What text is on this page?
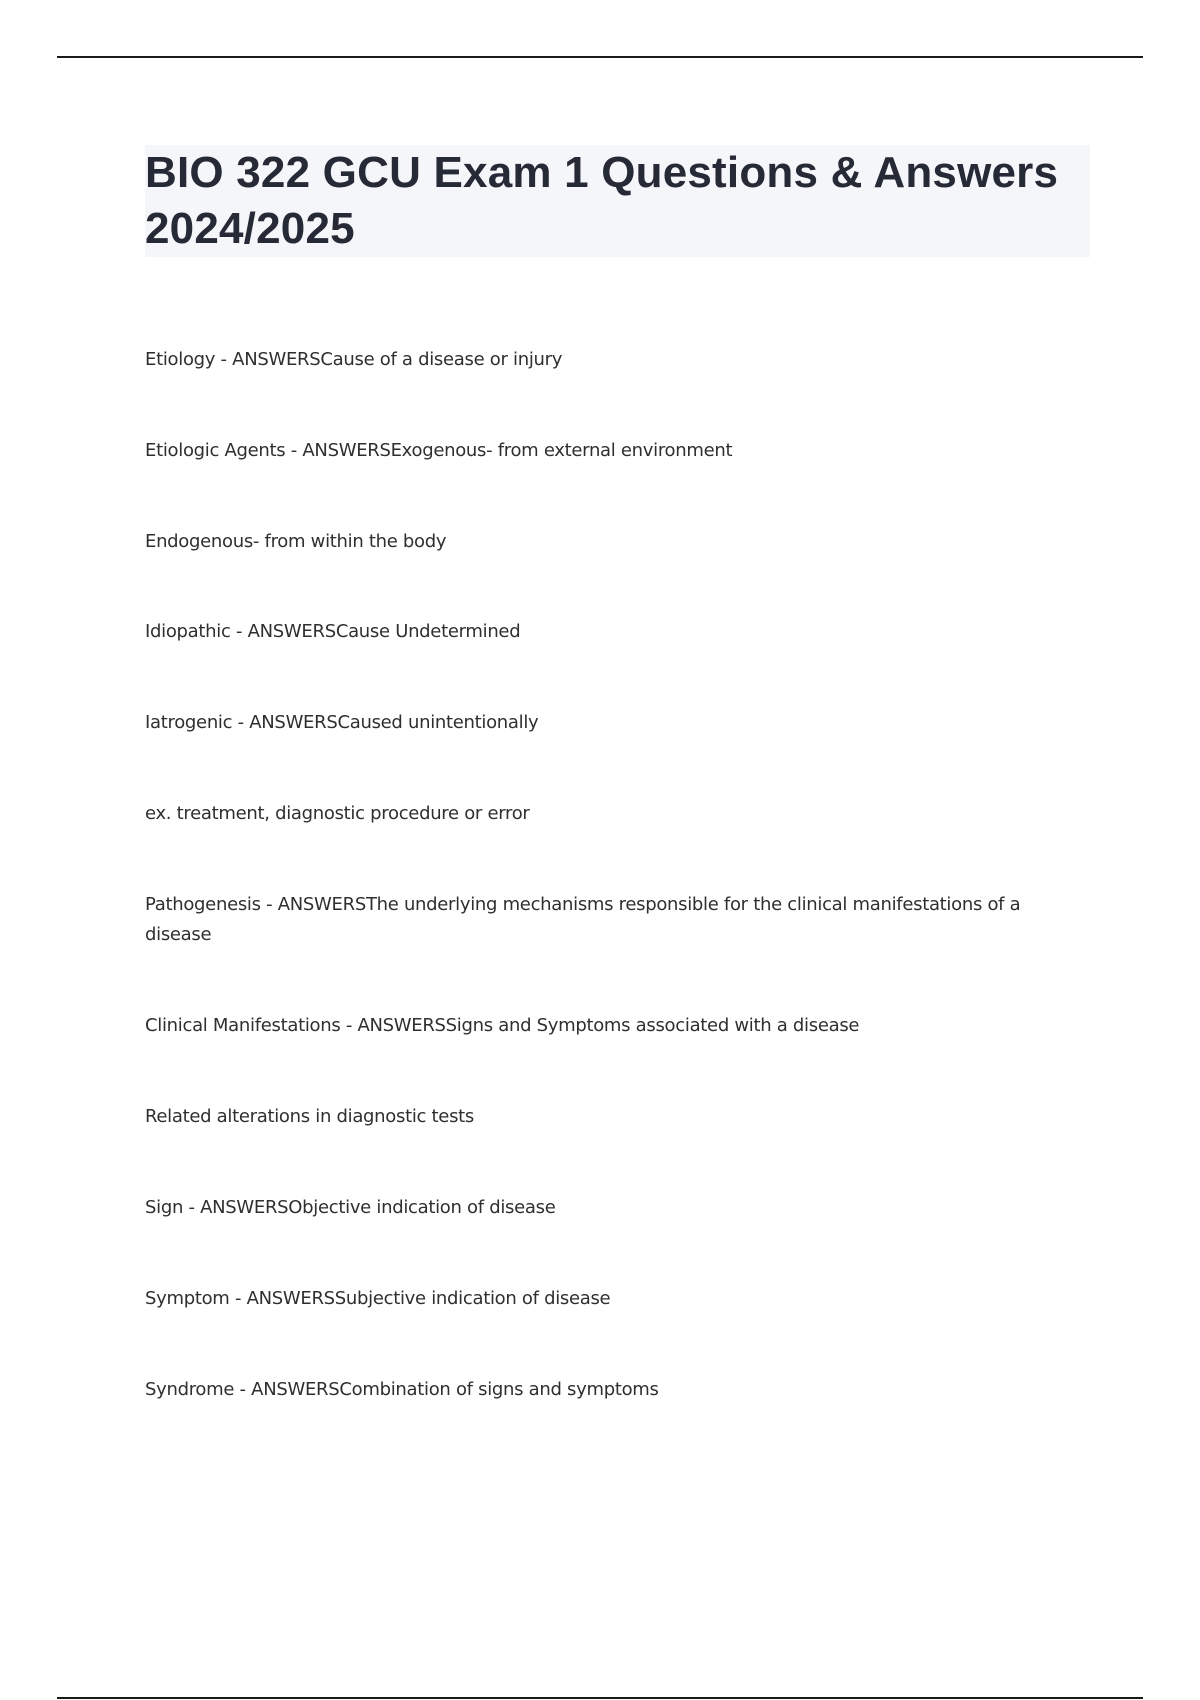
BIO 322 GCU Exam 1 Questions & Answers 2024/2025
Etiology - ANSWERSCause of a disease or injury
Etiologic Agents - ANSWERSExogenous- from external environment
Endogenous- from within the body
Idiopathic - ANSWERSCause Undetermined
Iatrogenic - ANSWERSCaused unintentionally
ex. treatment, diagnostic procedure or error
Pathogenesis - ANSWERSThe underlying mechanisms responsible for the clinical manifestations of a disease
Clinical Manifestations - ANSWERSSigns and Symptoms associated with a disease
Related alterations in diagnostic tests
Sign - ANSWERSObjective indication of disease
Symptom - ANSWERSSubjective indication of disease
Syndrome - ANSWERSCombination of signs and symptoms
